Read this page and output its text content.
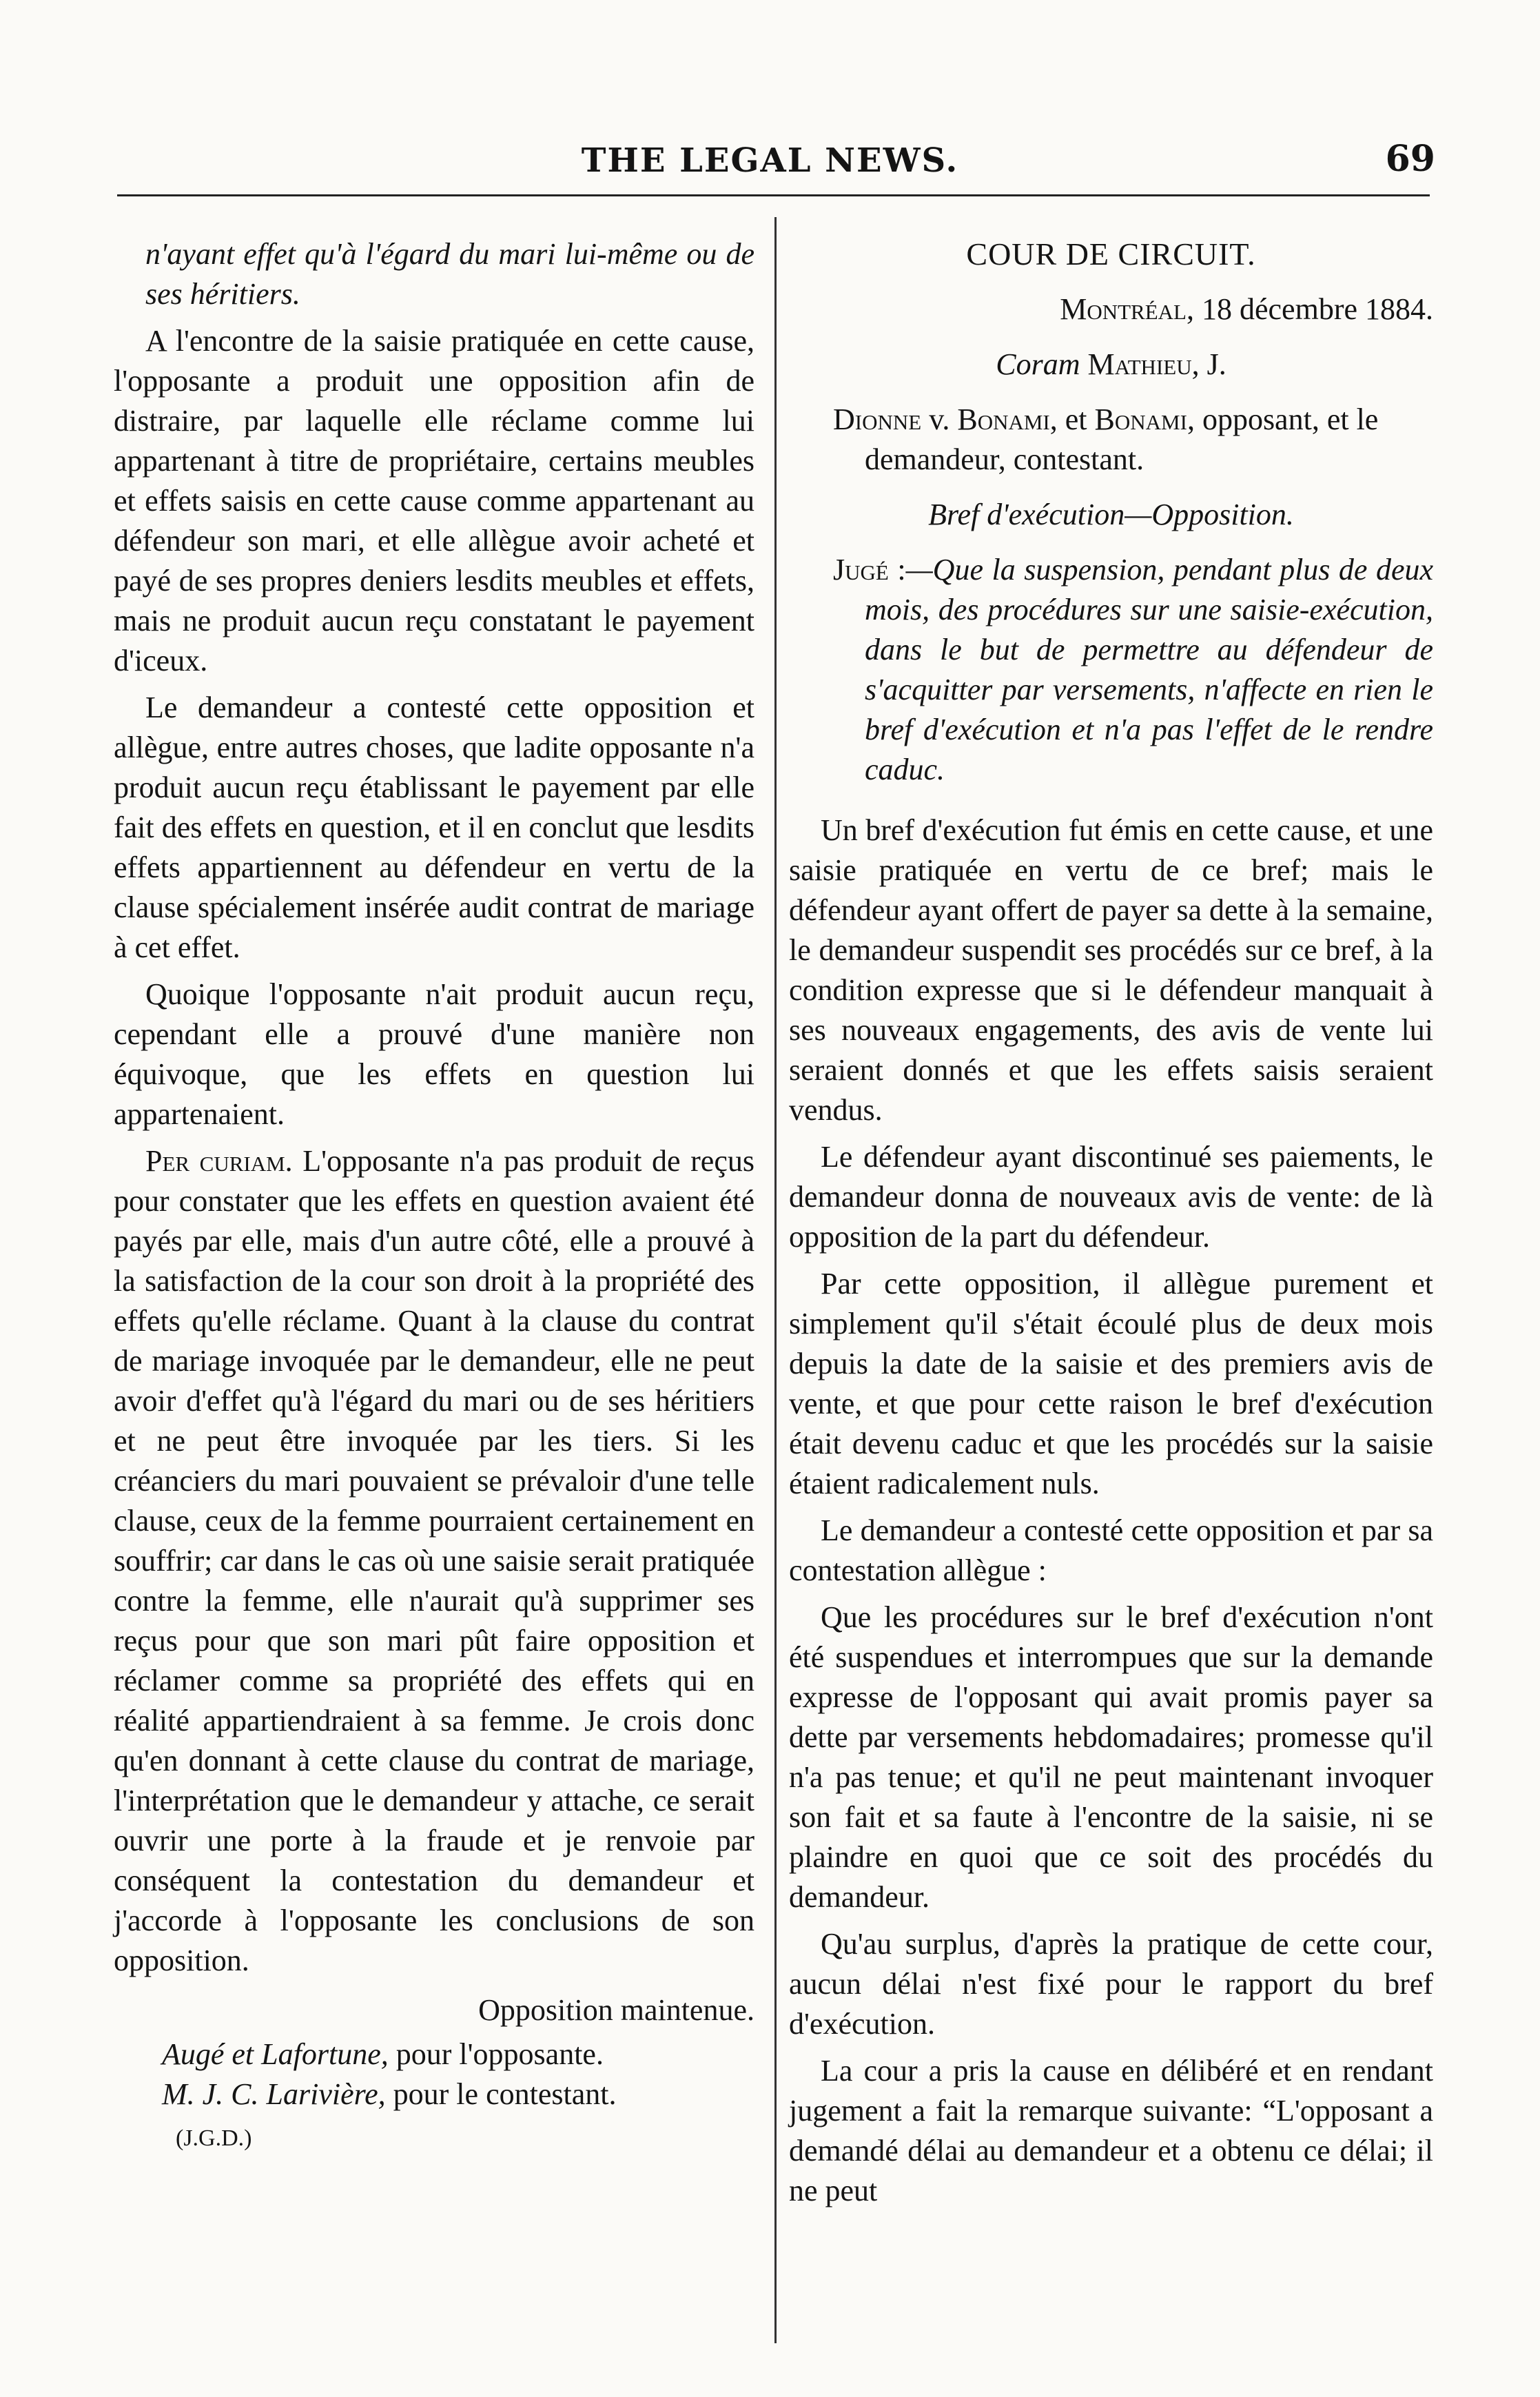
THE LEGAL NEWS.	69

n'ayant effet qu'à l'égard du mari lui-même ou de ses héritiers.

A l'encontre de la saisie pratiquée en cette cause, l'opposante a produit une opposition afin de distraire, par laquelle elle réclame comme lui appartenant à titre de propriétaire, certains meubles et effets saisis en cette cause comme appartenant au défendeur son mari, et elle allègue avoir acheté et payé de ses propres deniers lesdits meubles et effets, mais ne produit aucun reçu constatant le payement d'iceux.

Le demandeur a contesté cette opposition et allègue, entre autres choses, que ladite opposante n'a produit aucun reçu établissant le payement par elle fait des effets en question, et il en conclut que lesdits effets appartiennent au défendeur en vertu de la clause spécialement insérée audit contrat de mariage à cet effet.

Quoique l'opposante n'ait produit aucun reçu, cependant elle a prouvé d'une manière non équivoque, que les effets en question lui appartenaient.

Per curiam. L'opposante n'a pas produit de reçus pour constater que les effets en question avaient été payés par elle, mais d'un autre côté, elle a prouvé à la satisfaction de la cour son droit à la propriété des effets qu'elle réclame. Quant à la clause du contrat de mariage invoquée par le demandeur, elle ne peut avoir d'effet qu'à l'égard du mari ou de ses héritiers et ne peut être invoquée par les tiers. Si les créanciers du mari pouvaient se prévaloir d'une telle clause, ceux de la femme pourraient certainement en souffrir; car dans le cas où une saisie serait pratiquée contre la femme, elle n'aurait qu'à supprimer ses reçus pour que son mari pût faire opposition et réclamer comme sa propriété des effets qui en réalité appartiendraient à sa femme. Je crois donc qu'en donnant à cette clause du contrat de mariage, l'interprétation que le demandeur y attache, ce serait ouvrir une porte à la fraude et je renvoie par conséquent la contestation du demandeur et j'accorde à l'opposante les conclusions de son opposition.

Opposition maintenue.

Augé et Lafortune, pour l'opposante.

M. J. C. Larivière, pour le contestant.

(J.G.D.)

COUR DE CIRCUIT.

Montréal, 18 décembre 1884.

Coram Mathieu, J.

Dionne v. Bonami, et Bonami, opposant, et le demandeur, contestant.

Bref d'exécution—Opposition.

Jugé :—Que la suspension, pendant plus de deux mois, des procédures sur une saisie-exécution, dans le but de permettre au défendeur de s'acquitter par versements, n'affecte en rien le bref d'exécution et n'a pas l'effet de le rendre caduc.

Un bref d'exécution fut émis en cette cause, et une saisie pratiquée en vertu de ce bref; mais le défendeur ayant offert de payer sa dette à la semaine, le demandeur suspendit ses procédés sur ce bref, à la condition expresse que si le défendeur manquait à ses nouveaux engagements, des avis de vente lui seraient donnés et que les effets saisis seraient vendus.

Le défendeur ayant discontinué ses paiements, le demandeur donna de nouveaux avis de vente: de là opposition de la part du défendeur.

Par cette opposition, il allègue purement et simplement qu'il s'était écoulé plus de deux mois depuis la date de la saisie et des premiers avis de vente, et que pour cette raison le bref d'exécution était devenu caduc et que les procédés sur la saisie étaient radicalement nuls.

Le demandeur a contesté cette opposition et par sa contestation allègue :

Que les procédures sur le bref d'exécution n'ont été suspendues et interrompues que sur la demande expresse de l'opposant qui avait promis payer sa dette par versements hebdomadaires; promesse qu'il n'a pas tenue; et qu'il ne peut maintenant invoquer son fait et sa faute à l'encontre de la saisie, ni se plaindre en quoi que ce soit des procédés du demandeur.

Qu'au surplus, d'après la pratique de cette cour, aucun délai n'est fixé pour le rapport du bref d'exécution.

La cour a pris la cause en délibéré et en rendant jugement a fait la remarque suivante: “L'opposant a demandé délai au demandeur et a obtenu ce délai; il ne peut
